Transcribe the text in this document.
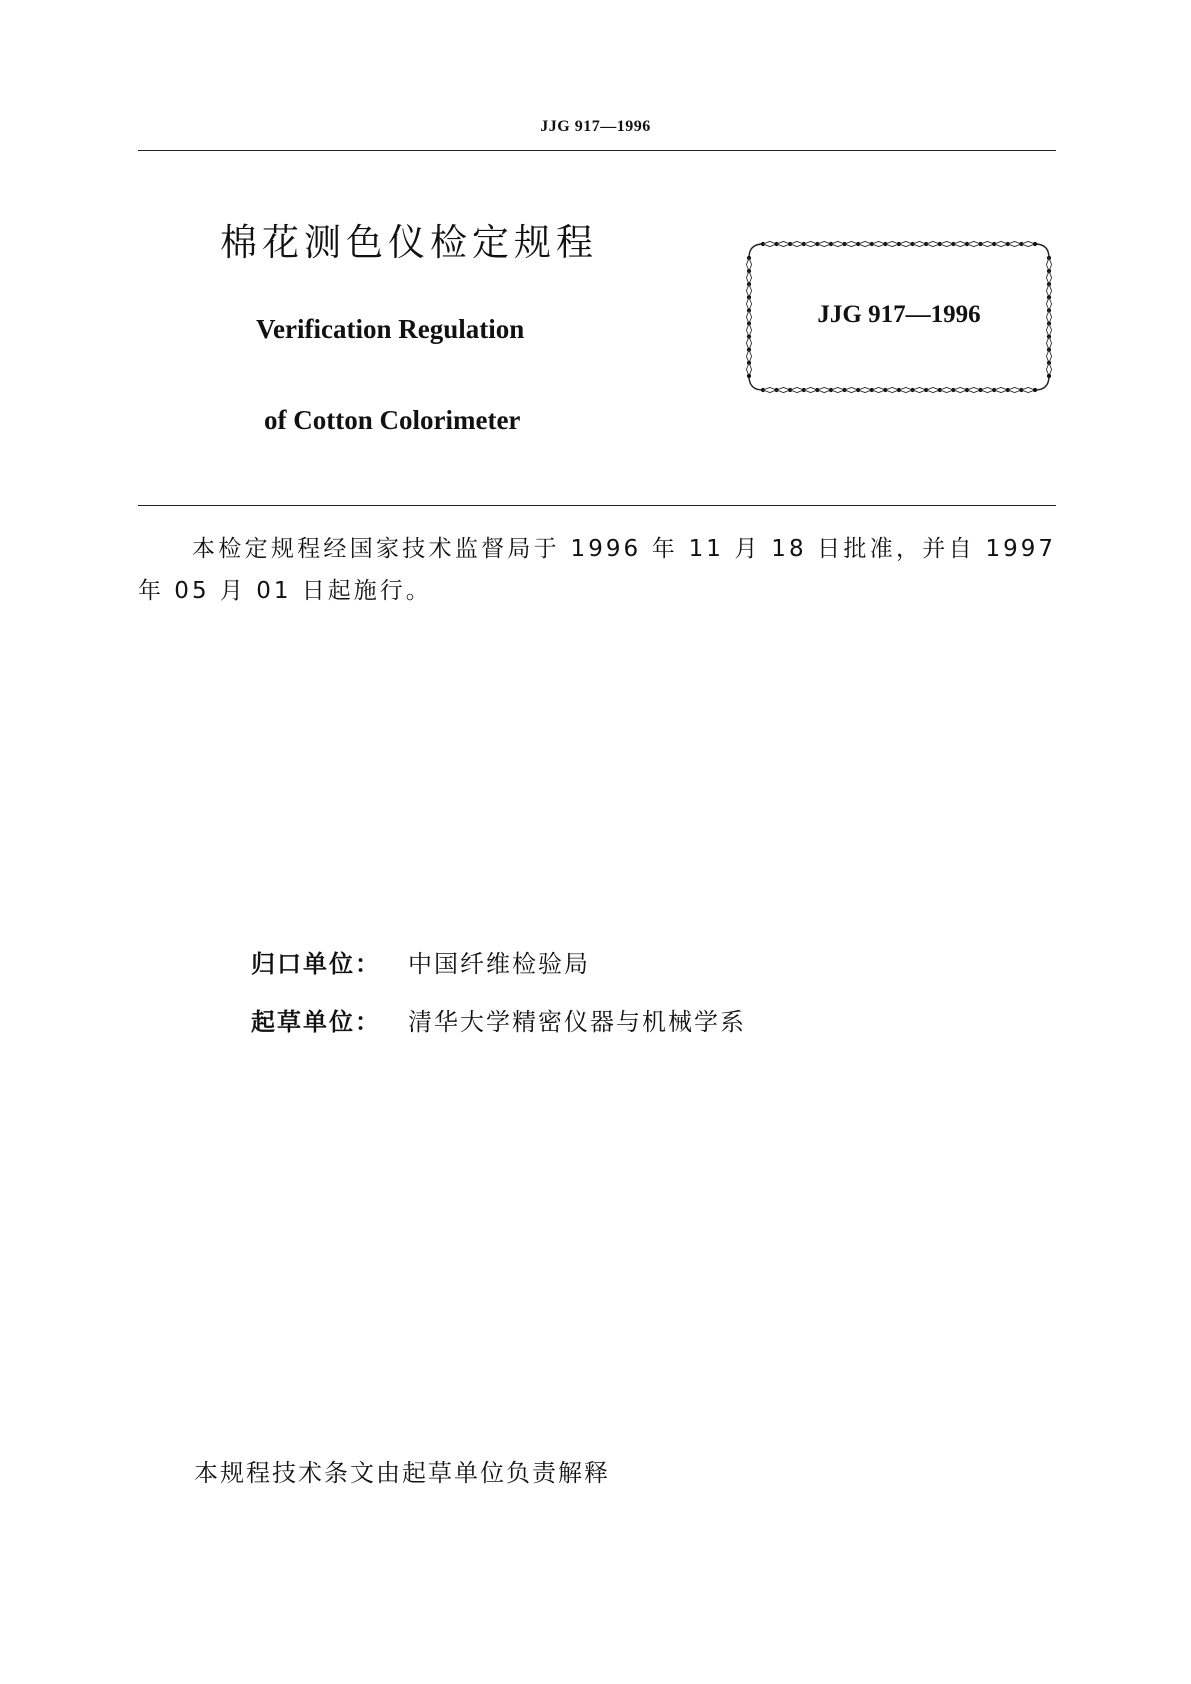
JJG 917—1996
棉花测色仪检定规程
Verification Regulation
of Cotton Colorimeter
JJG 917—1996
本检定规程经国家技术监督局于 1996 年 11 月 18 日批准，并自 1997 年 05 月 01 日起施行。
归口单位： 中国纤维检验局
起草单位： 清华大学精密仪器与机械学系
本规程技术条文由起草单位负责解释
